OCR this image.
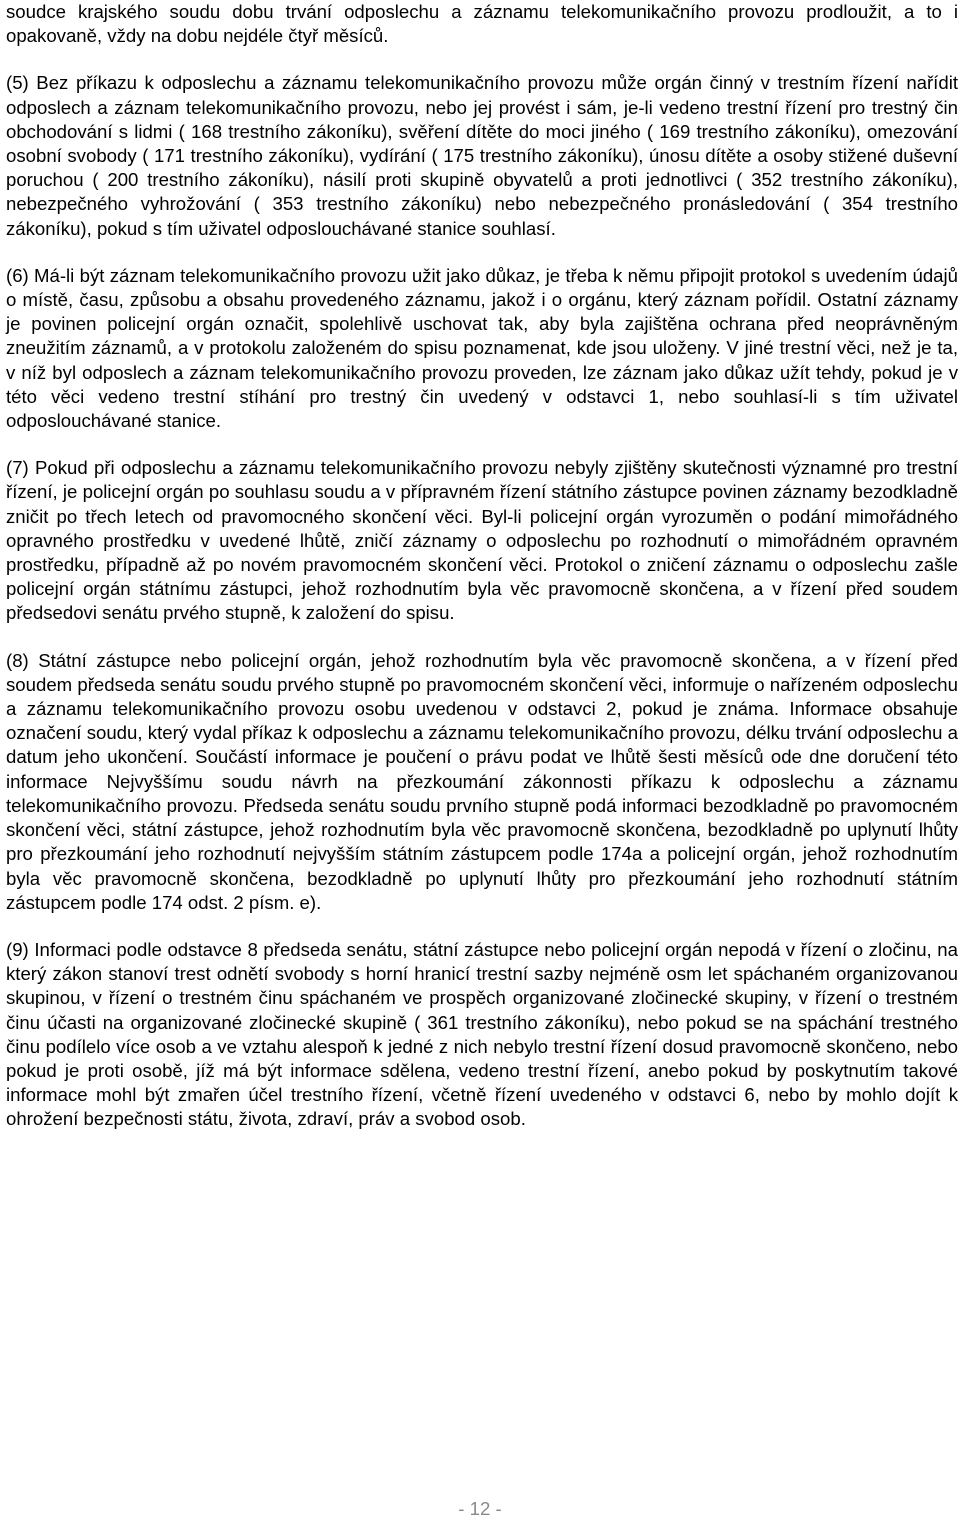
soudce krajského soudu dobu trvání odposlechu a záznamu telekomunikačního provozu prodloužit, a to i opakovaně, vždy na dobu nejdéle čtyř měsíců.

(5) Bez příkazu k odposlechu a záznamu telekomunikačního provozu může orgán činný v trestním řízení nařídit odposlech a záznam telekomunikačního provozu, nebo jej provést i sám, je-li vedeno trestní řízení pro trestný čin obchodování s lidmi ( 168 trestního zákoníku), svěření dítěte do moci jiného ( 169 trestního zákoníku), omezování osobní svobody ( 171 trestního zákoníku), vydírání ( 175 trestního zákoníku), únosu dítěte a osoby stižené duševní poruchou ( 200 trestního zákoníku), násilí proti skupině obyvatelů a proti jednotlivci ( 352 trestního zákoníku), nebezpečného vyhrožování ( 353 trestního zákoníku) nebo nebezpečného pronásledování ( 354 trestního zákoníku), pokud s tím uživatel odposlouchávané stanice souhlasí.

(6) Má-li být záznam telekomunikačního provozu užit jako důkaz, je třeba k němu připojit protokol s uvedením údajů o místě, času, způsobu a obsahu provedeného záznamu, jakož i o orgánu, který záznam pořídil. Ostatní záznamy je povinen policejní orgán označit, spolehlivě uschovat tak, aby byla zajištěna ochrana před neoprávněným zneužitím záznamů, a v protokolu založeném do spisu poznamenat, kde jsou uloženy. V jiné trestní věci, než je ta, v níž byl odposlech a záznam telekomunikačního provozu proveden, lze záznam jako důkaz užít tehdy, pokud je v této věci vedeno trestní stíhání pro trestný čin uvedený v odstavci 1, nebo souhlasí-li s tím uživatel odposlouchávané stanice.

(7) Pokud při odposlechu a záznamu telekomunikačního provozu nebyly zjištěny skutečnosti významné pro trestní řízení, je policejní orgán po souhlasu soudu a v přípravném řízení státního zástupce povinen záznamy bezodkladně zničit po třech letech od pravomocného skončení věci. Byl-li policejní orgán vyrozuměn o podání mimořádného opravného prostředku v uvedené lhůtě, zničí záznamy o odposlechu po rozhodnutí o mimořádném opravném prostředku, případně až po novém pravomocném skončení věci. Protokol o zničení záznamu o odposlechu zašle policejní orgán státnímu zástupci, jehož rozhodnutím byla věc pravomocně skončena, a v řízení před soudem předsedovi senátu prvého stupně, k založení do spisu.

(8) Státní zástupce nebo policejní orgán, jehož rozhodnutím byla věc pravomocně skončena, a v řízení před soudem předseda senátu soudu prvého stupně po pravomocném skončení věci, informuje o nařízeném odposlechu a záznamu telekomunikačního provozu osobu uvedenou v odstavci 2, pokud je známa. Informace obsahuje označení soudu, který vydal příkaz k odposlechu a záznamu telekomunikačního provozu, délku trvání odposlechu a datum jeho ukončení. Součástí informace je poučení o právu podat ve lhůtě šesti měsíců ode dne doručení této informace Nejvyššímu soudu návrh na přezkoumání zákonnosti příkazu k odposlechu a záznamu telekomunikačního provozu. Předseda senátu soudu prvního stupně podá informaci bezodkladně po pravomocném skončení věci, státní zástupce, jehož rozhodnutím byla věc pravomocně skončena, bezodkladně po uplynutí lhůty pro přezkoumání jeho rozhodnutí nejvyšším státním zástupcem podle 174a a policejní orgán, jehož rozhodnutím byla věc pravomocně skončena, bezodkladně po uplynutí lhůty pro přezkoumání jeho rozhodnutí státním zástupcem podle 174 odst. 2 písm. e).

(9) Informaci podle odstavce 8 předseda senátu, státní zástupce nebo policejní orgán nepodá v řízení o zločinu, na který zákon stanoví trest odnětí svobody s horní hranicí trestní sazby nejméně osm let spáchaném organizovanou skupinou, v řízení o trestném činu spáchaném ve prospěch organizované zločinecké skupiny, v řízení o trestném činu účasti na organizované zločinecké skupině ( 361 trestního zákoníku), nebo pokud se na spáchání trestného činu podílelo více osob a ve vztahu alespoň k jedné z nich nebylo trestní řízení dosud pravomocně skončeno, nebo pokud je proti osobě, jíž má být informace sdělena, vedeno trestní řízení, anebo pokud by poskytnutím takové informace mohl být zmařen účel trestního řízení, včetně řízení uvedeného v odstavci 6, nebo by mohlo dojít k ohrožení bezpečnosti státu, života, zdraví, práv a svobod osob.

- 12 -
